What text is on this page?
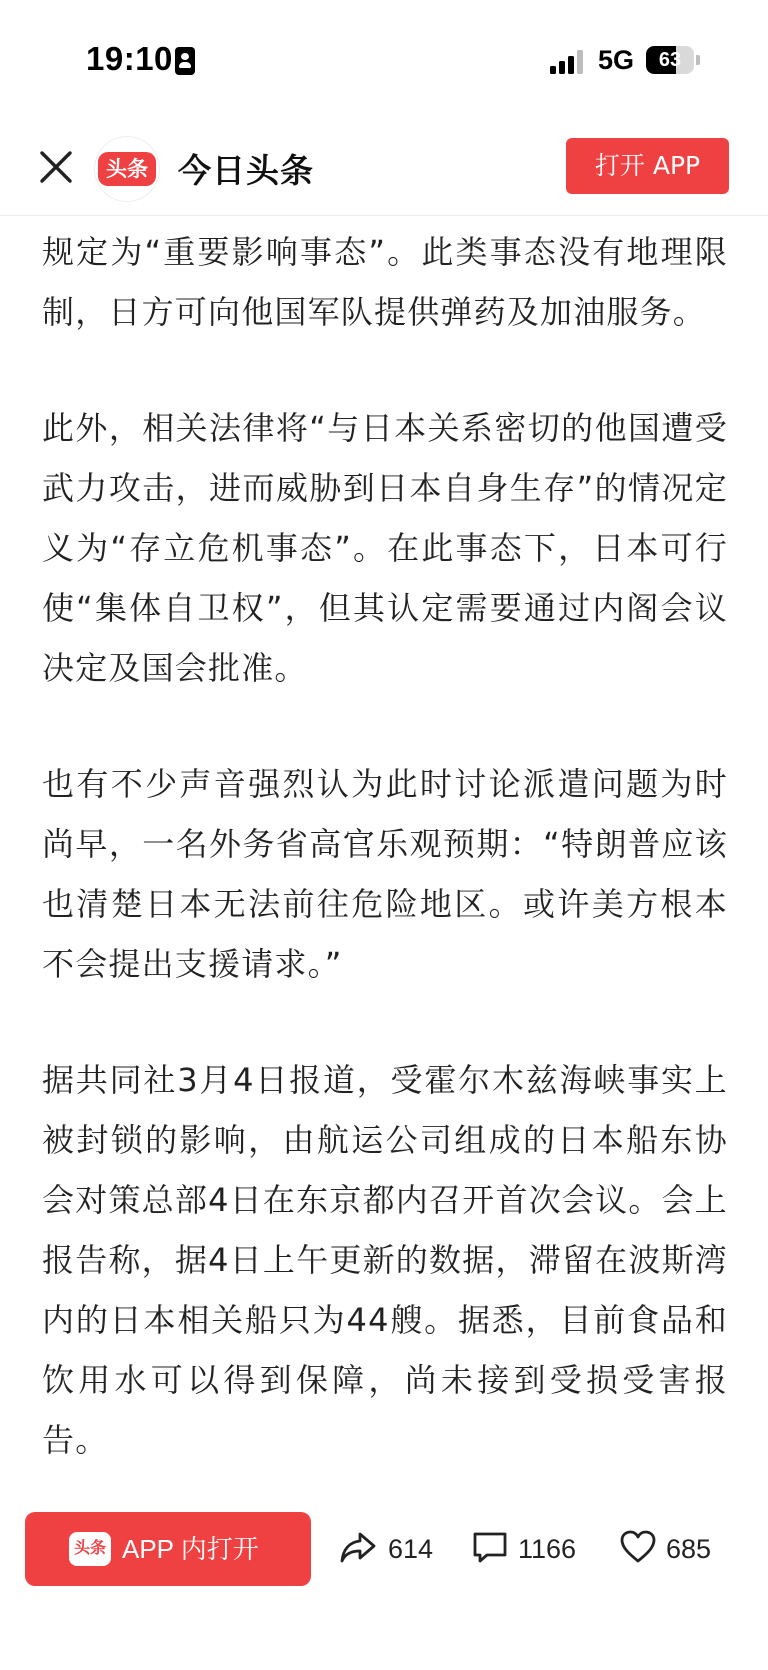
19:10	5G	63
头条 今日头条	打开 APP

规定为“重要影响事态”。此类事态没有地理限制，日方可向他国军队提供弹药及加油服务。

此外，相关法律将“与日本关系密切的他国遭受武力攻击，进而威胁到日本自身生存”的情况定义为“存立危机事态”。在此事态下，日本可行使“集体自卫权”，但其认定需要通过内阁会议决定及国会批准。

也有不少声音强烈认为此时讨论派遣问题为时尚早，一名外务省高官乐观预期：“特朗普应该也清楚日本无法前往危险地区。或许美方根本不会提出支援请求。”

据共同社3月4日报道，受霍尔木兹海峡事实上被封锁的影响，由航运公司组成的日本船东协会对策总部4日在东京都内召开首次会议。会上报告称，据4日上午更新的数据，滞留在波斯湾内的日本相关船只为44艘。据悉，目前食品和饮用水可以得到保障，尚未接到受损受害报告。

头条 APP 内打开	614	1166	685
